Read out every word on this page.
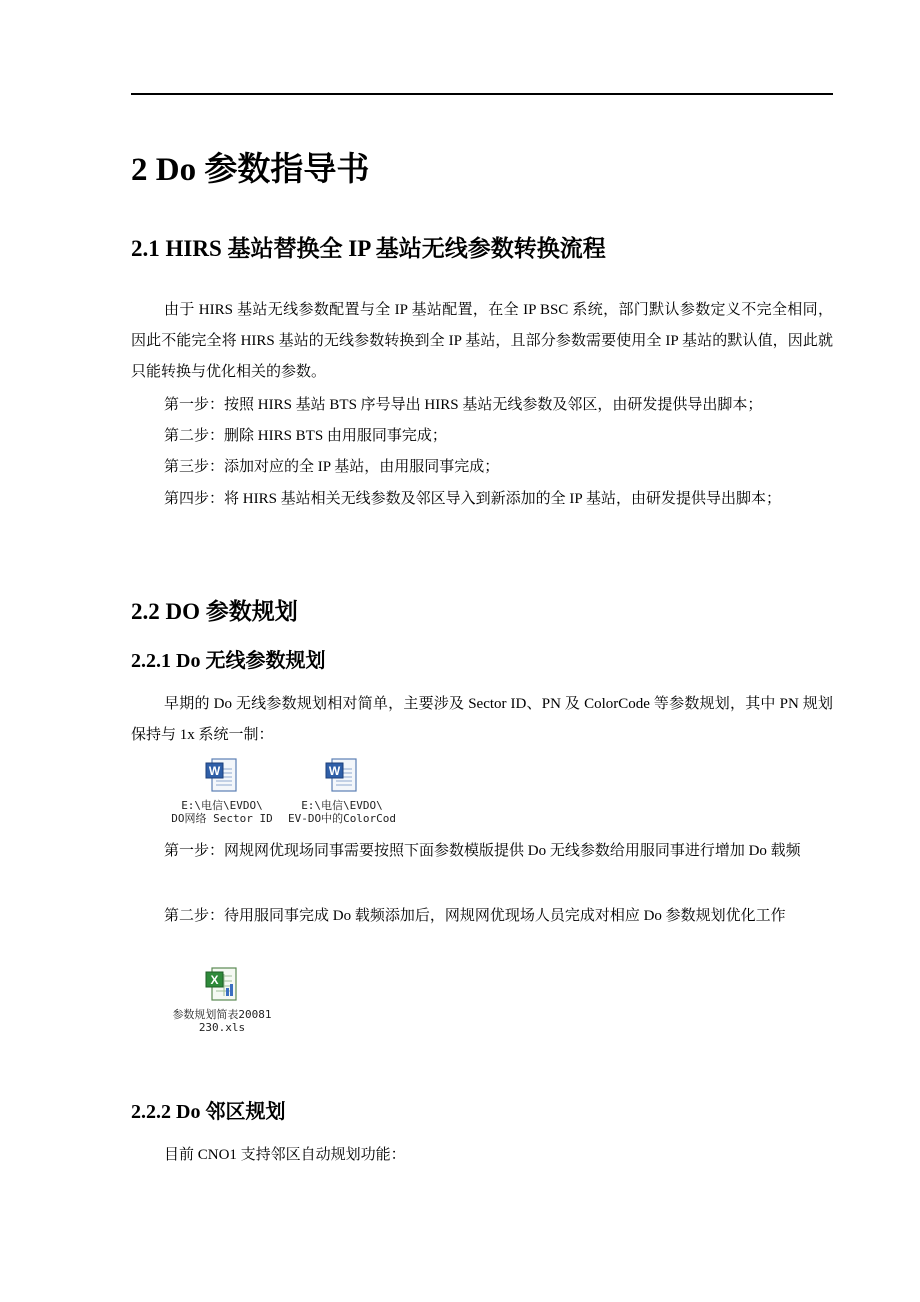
2 Do 参数指导书
2.1 HIRS 基站替换全 IP 基站无线参数转换流程
由于 HIRS 基站无线参数配置与全 IP 基站配置，在全 IP BSC 系统，部门默认参数定义不完全相同，因此不能完全将 HIRS 基站的无线参数转换到全 IP 基站，且部分参数需要使用全 IP 基站的默认值，因此就只能转换与优化相关的参数。
第一步：按照 HIRS 基站 BTS 序号导出 HIRS 基站无线参数及邻区，由研发提供导出脚本；
第二步：删除 HIRS BTS 由用服同事完成；
第三步：添加对应的全 IP 基站，由用服同事完成；
第四步：将 HIRS 基站相关无线参数及邻区导入到新添加的全 IP 基站，由研发提供导出脚本；
2.2 DO 参数规划
2.2.1 Do 无线参数规划
早期的 Do 无线参数规划相对简单，主要涉及 Sector ID、PN 及 ColorCode 等参数规划，其中 PN 规划保持与 1x 系统一制：
W
E:\电信\EVDO\
DO网络 Sector ID
W
E:\电信\EVDO\
EV-DO中的ColorCod
第一步：网规网优现场同事需要按照下面参数模版提供 Do 无线参数给用服同事进行增加 Do 载频
第二步：待用服同事完成 Do 载频添加后，网规网优现场人员完成对相应 Do 参数规划优化工作
X
参数规划简表20081
230.xls
2.2.2 Do 邻区规划
目前 CNO1 支持邻区自动规划功能：
